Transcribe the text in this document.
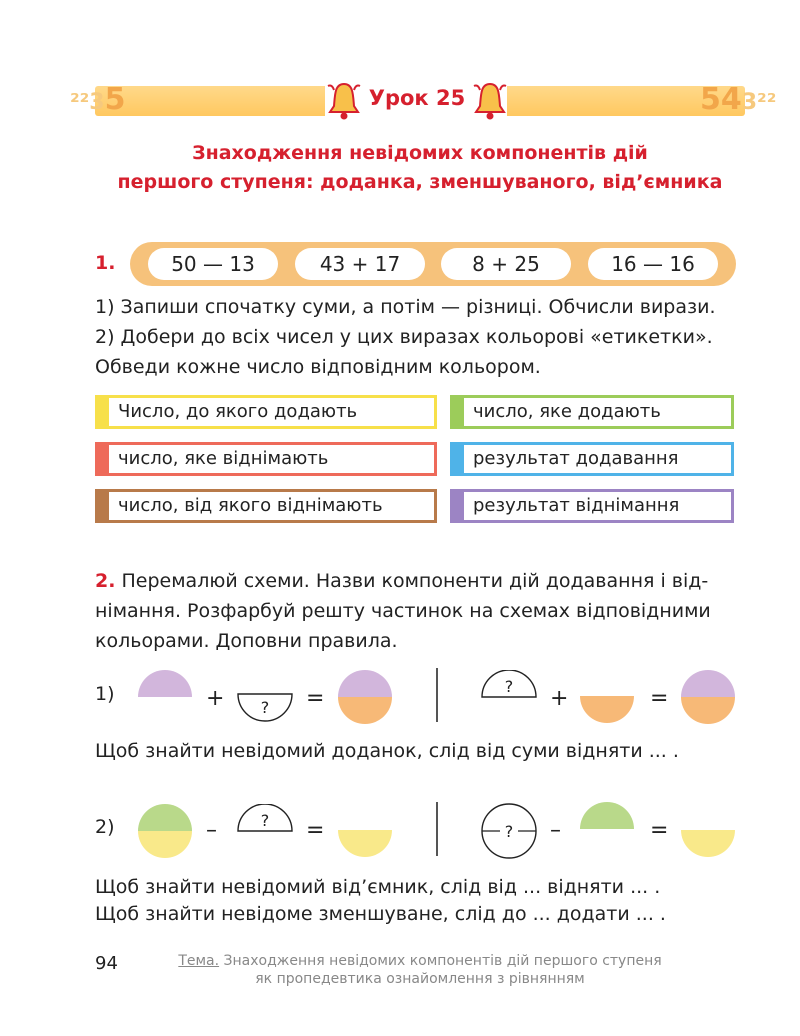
²²35	543²²
Урок 25
Знаходження невідомих компонентів дій
першого ступеня: доданка, зменшуваного, від’ємника
1.	50 — 13	43 + 17	8 + 25	16 — 16
1) Запиши спочатку суми, а потім — різниці. Обчисли вирази.
2) Добери до всіх чисел у цих виразах кольорові «етикетки».
Обведи кожне число відповідним кольором.
Число, до якого додають	число, яке додають
число, яке віднімають	результат додавання
число, від якого віднімають	результат віднімання
2. Перемалюй схеми. Назви компоненти дій додавання і від-
німання. Розфарбуй решту частинок на схемах відповідними
кольорами. Доповни правила.
1)	+ ? =	? +	=
Щоб знайти невідомий доданок, слід від суми відняти ... .
2)	–	? =	? –	=
Щоб знайти невідомий від’ємник, слід від ... відняти ... .
Щоб знайти невідоме зменшуване, слід до ... додати ... .
94	Тема. Знаходження невідомих компонентів дій першого ступеня
як пропедевтика ознайомлення з рівнянням
